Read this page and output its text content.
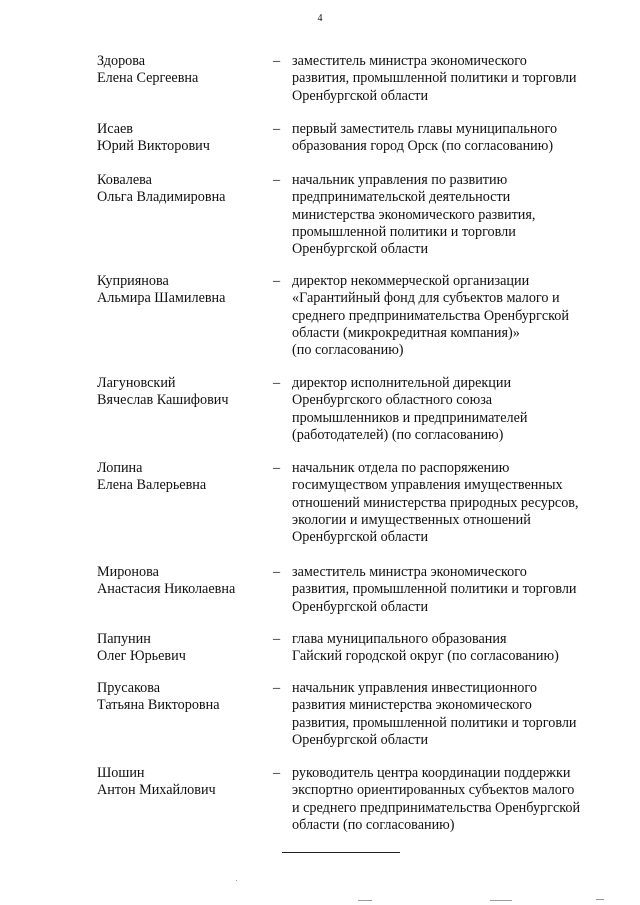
4
Здорова
Елена Сергеевна
– заместитель министра экономического
развития, промышленной политики и торговли
Оренбургской области
Исаев
Юрий Викторович
– первый заместитель главы муниципального
образования город Орск (по согласованию)
Ковалева
Ольга Владимировна
– начальник управления по развитию
предпринимательской деятельности
министерства экономического развития,
промышленной политики и торговли
Оренбургской области
Куприянова
Альмира Шамилевна
– директор некоммерческой организации
«Гарантийный фонд для субъектов малого и
среднего предпринимательства Оренбургской
области (микрокредитная компания)»
(по согласованию)
Лагуновский
Вячеслав Кашифович
– директор исполнительной дирекции
Оренбургского областного союза
промышленников и предпринимателей
(работодателей) (по согласованию)
Лопина
Елена Валерьевна
– начальник отдела по распоряжению
госимуществом управления имущественных
отношений министерства природных ресурсов,
экологии и имущественных отношений
Оренбургской области
Миронова
Анастасия Николаевна
– заместитель министра экономического
развития, промышленной политики и торговли
Оренбургской области
Папунин
Олег Юрьевич
– глава муниципального образования
Гайский городской округ (по согласованию)
Прусакова
Татьяна Викторовна
– начальник управления инвестиционного
развития министерства экономического
развития, промышленной политики и торговли
Оренбургской области
Шошин
Антон Михайлович
– руководитель центра координации поддержки
экспортно ориентированных субъектов малого
и среднего предпринимательства Оренбургской
области (по согласованию)
